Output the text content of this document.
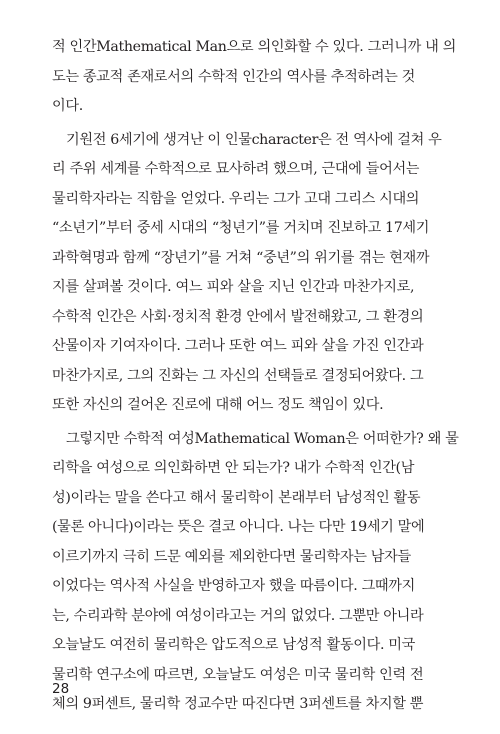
적 인간Mathematical Man으로 의인화할 수 있다. 그러니까 내 의
도는 종교적 존재로서의 수학적 인간의 역사를 추적하려는 것
이다.
기원전 6세기에 생겨난 이 인물character은 전 역사에 걸쳐 우
리 주위 세계를 수학적으로 묘사하려 했으며, 근대에 들어서는
물리학자라는 직함을 얻었다. 우리는 그가 고대 그리스 시대의
“소년기”부터 중세 시대의 “청년기”를 거치며 진보하고 17세기
과학혁명과 함께 “장년기”를 거쳐 “중년”의 위기를 겪는 현재까
지를 살펴볼 것이다. 여느 피와 살을 지닌 인간과 마찬가지로,
수학적 인간은 사회·정치적 환경 안에서 발전해왔고, 그 환경의
산물이자 기여자이다. 그러나 또한 여느 피와 살을 가진 인간과
마찬가지로, 그의 진화는 그 자신의 선택들로 결정되어왔다. 그
또한 자신의 걸어온 진로에 대해 어느 정도 책임이 있다.
그렇지만 수학적 여성Mathematical Woman은 어떠한가? 왜 물
리학을 여성으로 의인화하면 안 되는가? 내가 수학적 인간(남
성)이라는 말을 쓴다고 해서 물리학이 본래부터 남성적인 활동
(물론 아니다)이라는 뜻은 결코 아니다. 나는 다만 19세기 말에
이르기까지 극히 드문 예외를 제외한다면 물리학자는 남자들
이었다는 역사적 사실을 반영하고자 했을 따름이다. 그때까지
는, 수리과학 분야에 여성이라고는 거의 없었다. 그뿐만 아니라
오늘날도 여전히 물리학은 압도적으로 남성적 활동이다. 미국
물리학 연구소에 따르면, 오늘날도 여성은 미국 물리학 인력 전
체의 9퍼센트, 물리학 정교수만 따진다면 3퍼센트를 차지할 뿐
28
